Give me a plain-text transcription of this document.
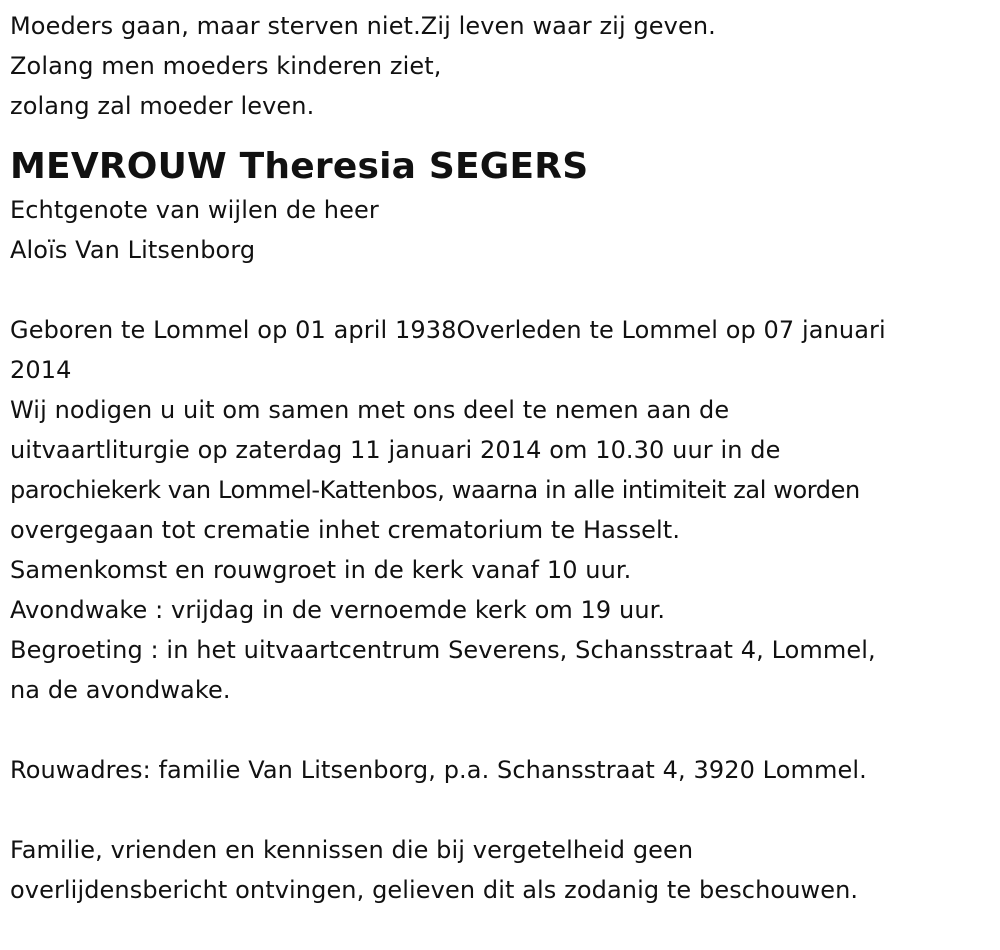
Moeders gaan, maar sterven niet.Zij leven waar zij geven.
Zolang men moeders kinderen ziet,
zolang zal moeder leven.
MEVROUW Theresia SEGERS
Echtgenote van wijlen de heer
Aloïs Van Litsenborg
Geboren te Lommel op 01 april 1938Overleden te Lommel op 07 januari
2014
Wij nodigen u uit om samen met ons deel te nemen aan de
uitvaartliturgie op zaterdag 11 januari 2014 om 10.30 uur in de
parochiekerk van Lommel-Kattenbos, waarna in alle intimiteit zal worden
overgegaan tot crematie inhet crematorium te Hasselt.
Samenkomst en rouwgroet in de kerk vanaf 10 uur.
Avondwake : vrijdag in de vernoemde kerk om 19 uur.
Begroeting : in het uitvaartcentrum Severens, Schansstraat 4, Lommel,
na de avondwake.
Rouwadres: familie Van Litsenborg, p.a. Schansstraat 4, 3920 Lommel.
Familie, vrienden en kennissen die bij vergetelheid geen
overlijdensbericht ontvingen, gelieven dit als zodanig te beschouwen.
